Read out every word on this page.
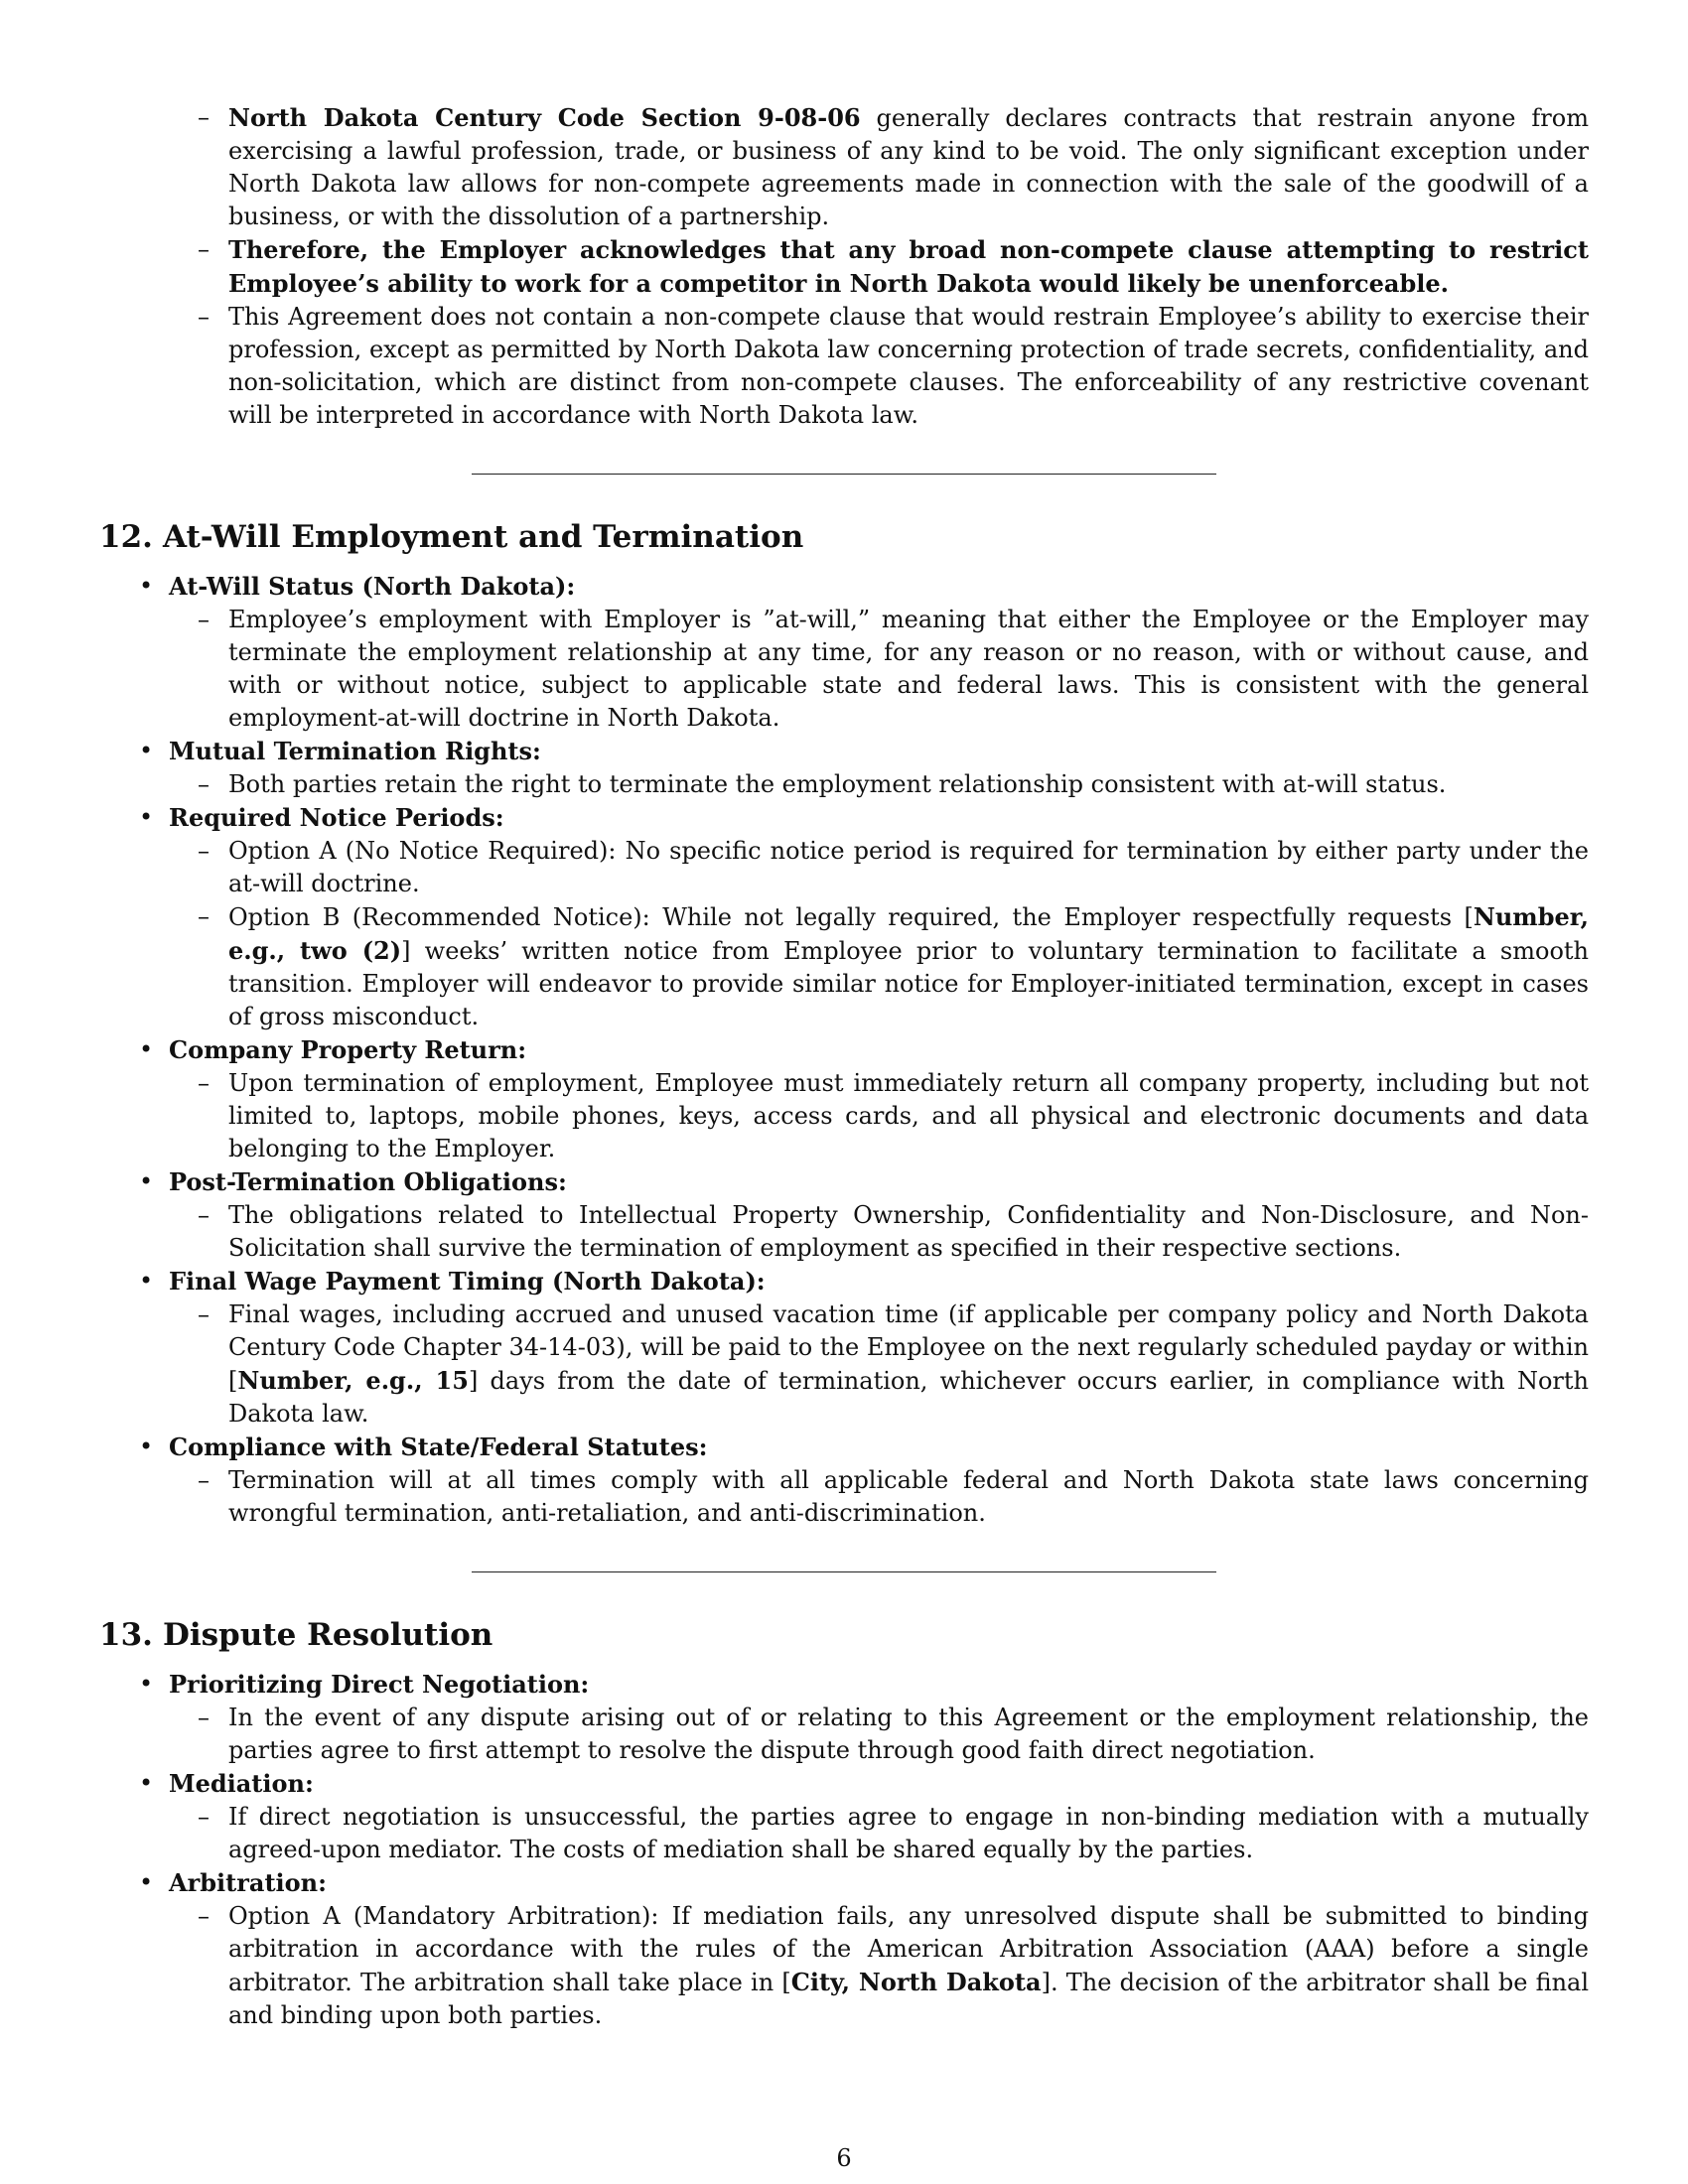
– North Dakota Century Code Section 9-08-06 generally declares contracts that restrain anyone from exercising a lawful profession, trade, or business of any kind to be void. The only significant exception under North Dakota law allows for non-compete agreements made in connection with the sale of the goodwill of a business, or with the dissolution of a partnership.
– Therefore, the Employer acknowledges that any broad non-compete clause attempting to restrict Employee’s ability to work for a competitor in North Dakota would likely be unenforceable.
– This Agreement does not contain a non-compete clause that would restrain Employee’s ability to exercise their profession, except as permitted by North Dakota law concerning protection of trade secrets, confidentiality, and non-solicitation, which are distinct from non-compete clauses. The enforceability of any restrictive covenant will be interpreted in accordance with North Dakota law.
12. At-Will Employment and Termination
• At-Will Status (North Dakota):
– Employee’s employment with Employer is ”at-will,” meaning that either the Employee or the Employer may terminate the employment relationship at any time, for any reason or no reason, with or without cause, and with or without notice, subject to applicable state and federal laws. This is consistent with the general employment-at-will doctrine in North Dakota.
• Mutual Termination Rights:
– Both parties retain the right to terminate the employment relationship consistent with at-will status.
• Required Notice Periods:
– Option A (No Notice Required): No specific notice period is required for termination by either party under the at-will doctrine.
– Option B (Recommended Notice): While not legally required, the Employer respectfully requests [Number, e.g., two (2)] weeks’ written notice from Employee prior to voluntary termination to facilitate a smooth transition. Employer will endeavor to provide similar notice for Employer-initiated termination, except in cases of gross misconduct.
• Company Property Return:
– Upon termination of employment, Employee must immediately return all company property, including but not limited to, laptops, mobile phones, keys, access cards, and all physical and electronic documents and data belonging to the Employer.
• Post-Termination Obligations:
– The obligations related to Intellectual Property Ownership, Confidentiality and Non-Disclosure, and Non-Solicitation shall survive the termination of employment as specified in their respective sections.
• Final Wage Payment Timing (North Dakota):
– Final wages, including accrued and unused vacation time (if applicable per company policy and North Dakota Century Code Chapter 34-14-03), will be paid to the Employee on the next regularly scheduled payday or within [Number, e.g., 15] days from the date of termination, whichever occurs earlier, in compliance with North Dakota law.
• Compliance with State/Federal Statutes:
– Termination will at all times comply with all applicable federal and North Dakota state laws concerning wrongful termination, anti-retaliation, and anti-discrimination.
13. Dispute Resolution
• Prioritizing Direct Negotiation:
– In the event of any dispute arising out of or relating to this Agreement or the employment relationship, the parties agree to first attempt to resolve the dispute through good faith direct negotiation.
• Mediation:
– If direct negotiation is unsuccessful, the parties agree to engage in non-binding mediation with a mutually agreed-upon mediator. The costs of mediation shall be shared equally by the parties.
• Arbitration:
– Option A (Mandatory Arbitration): If mediation fails, any unresolved dispute shall be submitted to binding arbitration in accordance with the rules of the American Arbitration Association (AAA) before a single arbitrator. The arbitration shall take place in [City, North Dakota]. The decision of the arbitrator shall be final and binding upon both parties.
6
